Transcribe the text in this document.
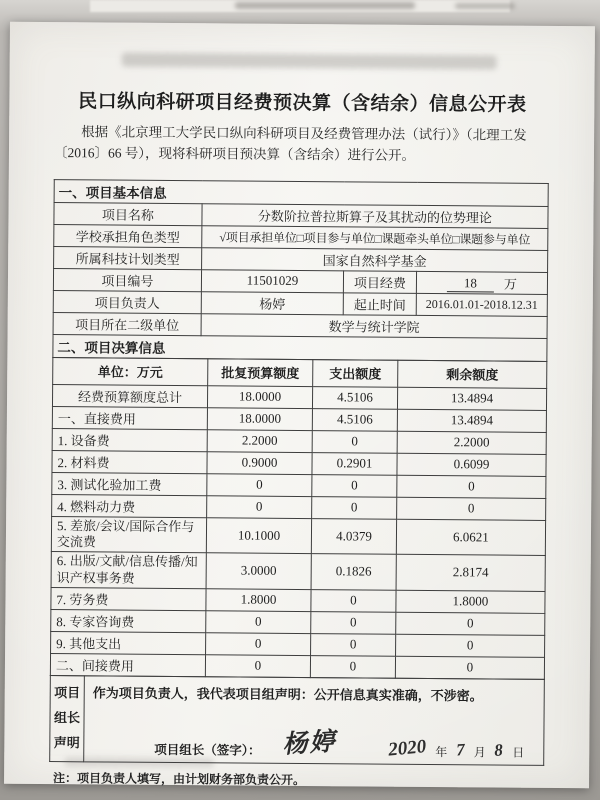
民口纵向科研项目经费预决算（含结余）信息公开表
根据《北京理工大学民口纵向科研项目及经费管理办法（试行）》（北理工发〔2016〕66 号），现将科研项目预决算（含结余）进行公开。
一、项目基本信息			
项目名称	分数阶拉普拉斯算子及其扰动的位势理论		
学校承担角色类型	√项目承担单位□项目参与单位□课题牵头单位□课题参与单位		
所属科技计划类型	国家自然科学基金		
项目编号	11501029	项目经费	18 万

项目负责人	杨婷	起止时间	2016.01.01-2018.12.31
项目所在二级单位	数学与统计学院		
二、项目决算信息			
单位：万元	批复预算额度	支出额度	剩余额度
经费预算额度总计	18.0000	4.5106	13.4894
一、直接费用	18.0000	4.5106	13.4894
1. 设备费	2.2000	0	2.2000
2. 材料费	0.9000	0.2901	0.6099
3. 测试化验加工费	0	0	0
4. 燃料动力费	0	0	0
5. 差旅/会议/国际合作与交流费	10.1000	4.0379	6.0621
6. 出版/文献/信息传播/知识产权事务费	3.0000	0.1826	2.8174
7. 劳务费	1.8000	0	1.8000
8. 专家咨询费	0	0	0
9. 其他支出	0	0	0
二、间接费用	0	0	0
项目
组长
声明

作为项目负责人，我代表项目组声明：公开信息真实准确，不涉密。
项目组长（签字）： 杨婷	2020 年 7 月 8 日
注：项目负责人填写，由计划财务部负责公开。
